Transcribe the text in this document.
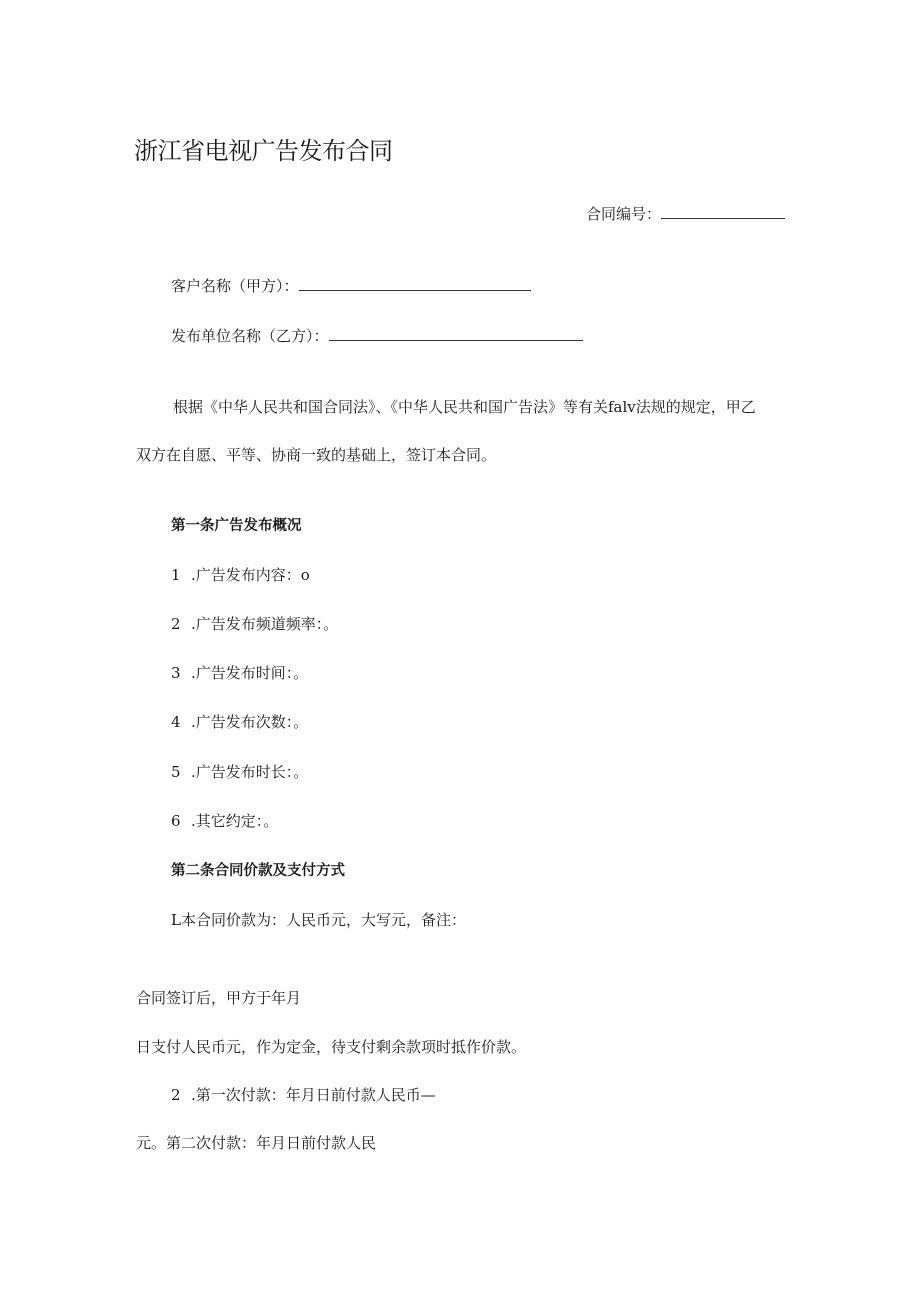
浙江省电视广告发布合同
合同编号：
客户名称（甲方）：
发布单位名称（乙方）：
根据《中华人民共和国合同法》、《中华人民共和国广告法》等有关falv法规的规定，甲乙
双方在自愿、平等、协商一致的基础上，签订本合同。
第一条广告发布概况
1 .广告发布内容：o
2 .广告发布频道频率：。
3 .广告发布时间：。
4 .广告发布次数：。
5 .广告发布时长：。
6 .其它约定：。
第二条合同价款及支付方式
L本合同价款为：人民币元，大写元，备注：
合同签订后，甲方于年月
日支付人民币元，作为定金，待支付剩余款项时抵作价款。
2 .第一次付款：年月日前付款人民币—
元。第二次付款：年月日前付款人民
